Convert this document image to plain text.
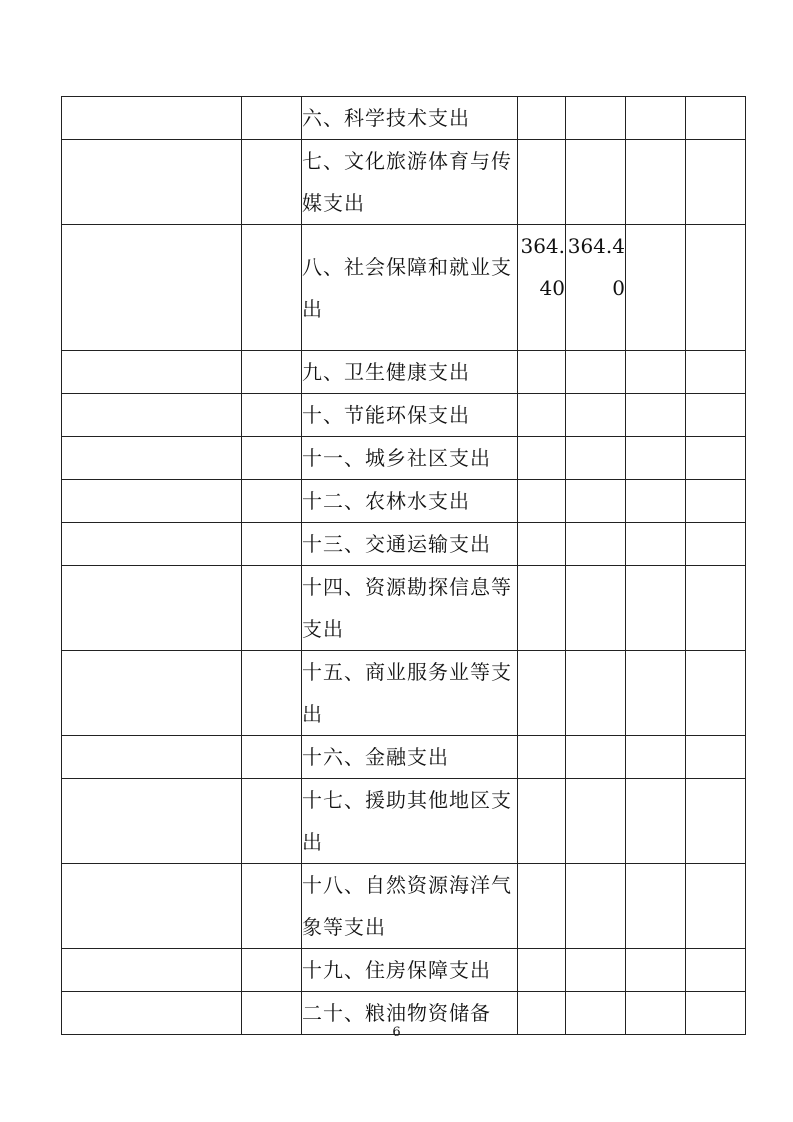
		六、科学技术支出				
		七、文化旅游体育与传媒支出				
		八、社会保障和就业支出	364.40	364.40		
		九、卫生健康支出				
		十、节能环保支出				
		十一、城乡社区支出				
		十二、农林水支出				
		十三、交通运输支出				
		十四、资源勘探信息等支出				
		十五、商业服务业等支出				
		十六、金融支出				
		十七、援助其他地区支出				
		十八、自然资源海洋气象等支出				
		十九、住房保障支出				
		二十、粮油物资储备				
6
